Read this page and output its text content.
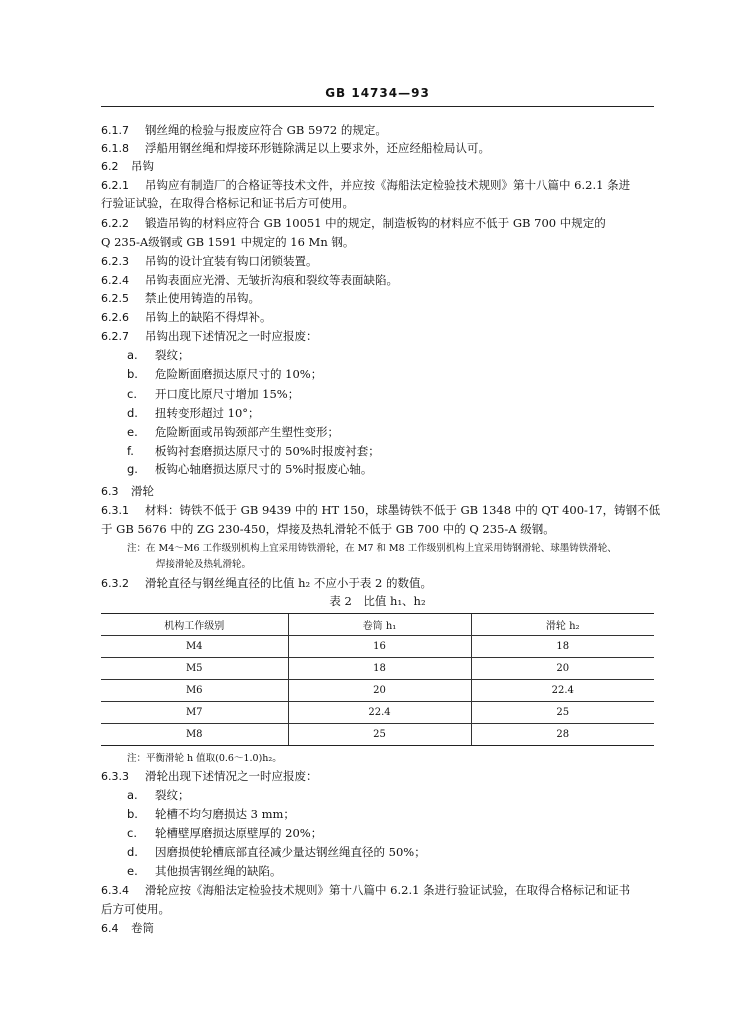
GB 14734—93
6.1.7 钢丝绳的检验与报废应符合 GB 5972 的规定。
6.1.8 浮船用钢丝绳和焊接环形链除满足以上要求外，还应经船检局认可。
6.2 吊钩
6.2.1 吊钩应有制造厂的合格证等技术文件，并应按《海船法定检验技术规则》第十八篇中 6.2.1 条进
行验证试验，在取得合格标记和证书后方可使用。
6.2.2 锻造吊钩的材料应符合 GB 10051 中的规定，制造板钩的材料应不低于 GB 700 中规定的
Q 235-A级钢或 GB 1591 中规定的 16 Mn 钢。
6.2.3 吊钩的设计宜装有钩口闭锁装置。
6.2.4 吊钩表面应光滑、无皱折沟痕和裂纹等表面缺陷。
6.2.5 禁止使用铸造的吊钩。
6.2.6 吊钩上的缺陷不得焊补。
6.2.7 吊钩出现下述情况之一时应报废：
a. 裂纹；
b. 危险断面磨损达原尺寸的 10%；
c. 开口度比原尺寸增加 15%；
d. 扭转变形超过 10°；
e. 危险断面或吊钩颈部产生塑性变形；
f. 板钩衬套磨损达原尺寸的 50%时报废衬套；
g. 板钩心轴磨损达原尺寸的 5%时报废心轴。
6.3 滑轮
6.3.1 材料：铸铁不低于 GB 9439 中的 HT 150，球墨铸铁不低于 GB 1348 中的 QT 400-17，铸钢不低
于 GB 5676 中的 ZG 230-450，焊接及热轧滑轮不低于 GB 700 中的 Q 235-A 级钢。
注：在 M4～M6 工作级别机构上宜采用铸铁滑轮，在 M7 和 M8 工作级别机构上宜采用铸钢滑轮、球墨铸铁滑轮、
焊接滑轮及热轧滑轮。
6.3.2 滑轮直径与钢丝绳直径的比值 h₂ 不应小于表 2 的数值。
表 2　比值 h₁、h₂
机构工作级别	卷筒 h₁	滑轮 h₂
M4	16	18
M5	18	20
M6	20	22.4
M7	22.4	25
M8	25	28
注：平衡滑轮 h 值取(0.6～1.0)h₂。
6.3.3 滑轮出现下述情况之一时应报废：
a. 裂纹；
b. 轮槽不均匀磨损达 3 mm；
c. 轮槽壁厚磨损达原壁厚的 20%；
d. 因磨损使轮槽底部直径减少量达钢丝绳直径的 50%；
e. 其他损害钢丝绳的缺陷。
6.3.4 滑轮应按《海船法定检验技术规则》第十八篇中 6.2.1 条进行验证试验，在取得合格标记和证书
后方可使用。
6.4 卷筒
